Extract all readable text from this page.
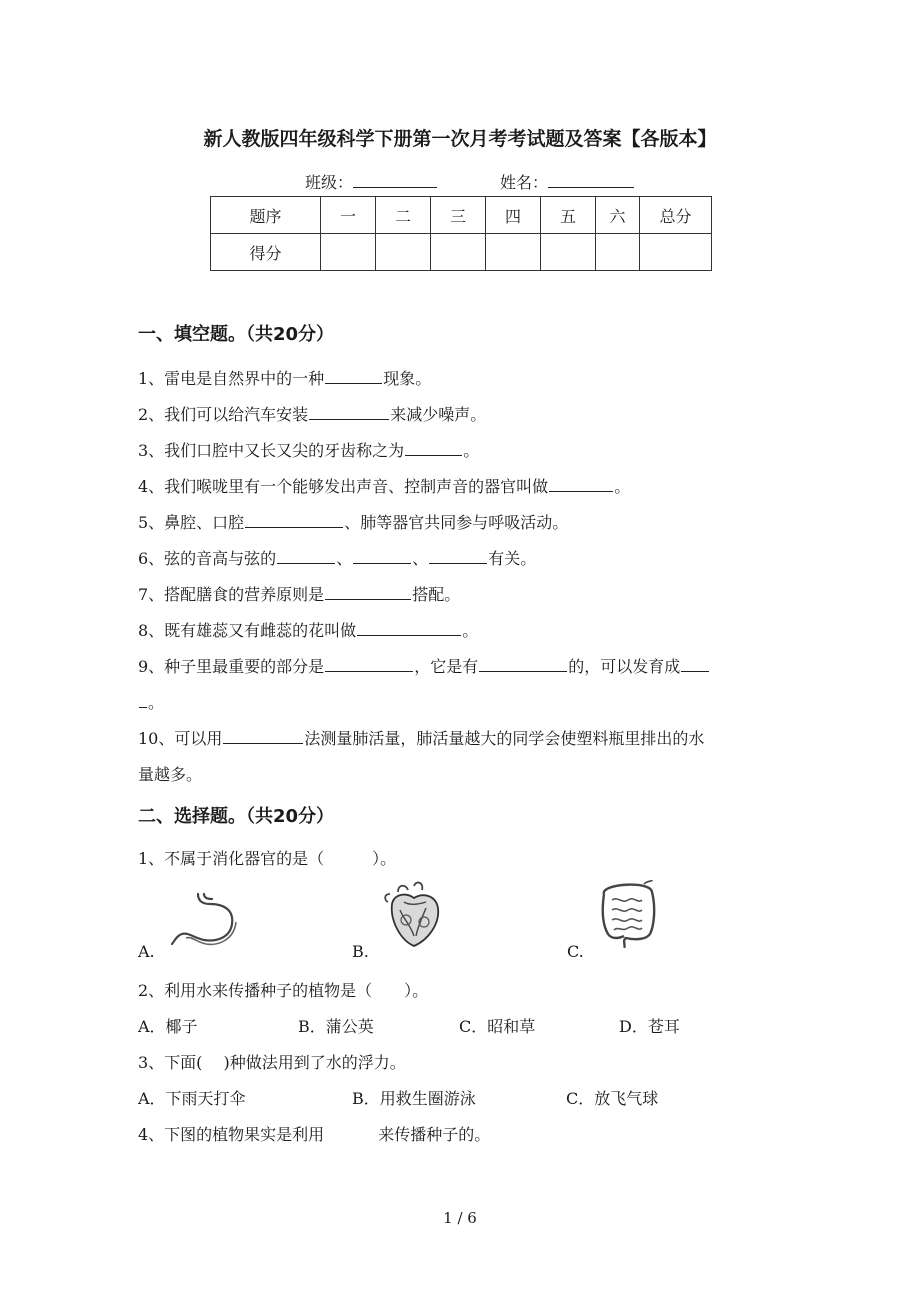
新人教版四年级科学下册第一次月考考试题及答案【各版本】
班级：	姓名：
题序	一	二	三	四	五	六	总分
得分							
一、填空题。（共20分）
1、雷电是自然界中的一种	现象。
2、我们可以给汽车安装	来减少噪声。
3、我们口腔中又长又尖的牙齿称之为	。
4、我们喉咙里有一个能够发出声音、控制声音的器官叫做	。
5、鼻腔、口腔	、肺等器官共同参与呼吸活动。
6、弦的音高与弦的	、	、	有关。
7、搭配膳食的营养原则是	搭配。
8、既有雄蕊又有雌蕊的花叫做	。
9、种子里最重要的部分是	，它是有	的，可以发育成
。
10、可以用	法测量肺活量，肺活量越大的同学会使塑料瓶里排出的水
量越多。
二、选择题。（共20分）
1、不属于消化器官的是（　　　）。
A.	B.	C.
2、利用水来传播种子的植物是（　　）。
A．椰子	B．蒲公英	C．昭和草	D．苍耳
3、下面(　 )种做法用到了水的浮力。
A．下雨天打伞	B．用救生圈游泳	C．放飞气球
4、下图的植物果实是利用	来传播种子的。
1 / 6
